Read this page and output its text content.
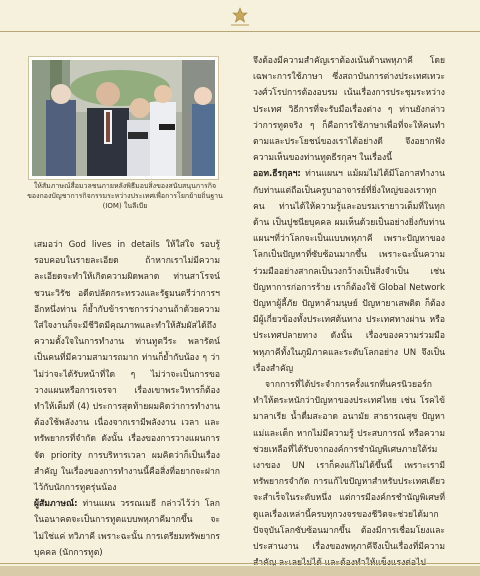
ให้สัมภาษณ์สื่อมวลชนภายหลังพิธีมอบสิ่งของสนับสนุนการกิจของกองบัญชาการกิจกรรมระหว่างประเทศเพื่อการโยกย้ายถิ่นฐาน (IOM) ในลีเบีย

เสมอว่า God lives in details ให้ใส่ใจ รอบรู้ รอบคอบในรายละเอียด ถ้าหากเราไม่มีความละเอียดจะทำให้เกิดความผิดพลาด ท่านสาโรจน์ ชวนะวิรัช อดีตปลัดกระทรวงและรัฐมนตรีว่าการฯ อีกหนึ่งท่าน ก็ย้ำกับข้าราชการว่างานถ้าด้วยความใส่ใจงานก็จะมีชีวิตมีคุณภาพและทำให้สัมผัสได้ถึงความตั้งใจในการทำงาน ท่านทูตวีระ พลารัตน์ เป็นคนที่มีความสามารถมาก ท่านก็ย้ำกับน้อง ๆ ว่า ไม่ว่าจะได้รับหน้าที่ใด ๆ ไม่ว่าจะเป็นการขอวางแผนหรือการเจรจา เรื่องเขาพระวิหารก็ต้องทำให้เต็มที่ (4) ประการสุดท้ายผมคิดว่าการทำงานต้องใช้พลังงาน เนื่องจากเรามีพลังงาน เวลา และทรัพยากรที่จำกัด ดังนั้น เรื่องของการวางแผนการจัด priority การบริหารเวลา ผมคิดว่าก็เป็นเรื่องสำคัญ ในเรื่องของการทำงานนี้คือสิ่งที่อยากจะฝากไว้กับนักการทูตรุ่นน้อง

ผู้สัมภาษณ์: ท่านแผน วรรณเมธี กล่าวไว้ว่า โลกในอนาคตจะเป็นการทูตแบบพหุภาคีมากขึ้น จะไม่ใช่แค่ ทวิภาคี เพราะฉะนั้น การเตรียมทรัพยากรบุคคล (นักการทูต)

จึงต้องมีความสำคัญเราต้องเน้นด้านพหุภาคี โดยเฉพาะการใช้ภาษา ซึ่งสถาบันการต่างประเทศเทวะวงศ์วโรปการต้องอบรม เน้นเรื่องการประชุมระหว่างประเทศ วิธีการที่จะรับมือเรื่องต่าง ๆ ท่านยังกล่าวว่าการทูตจริง ๆ ก็คือการใช้ภาษาเพื่อที่จะให้คนทำตามและประโยชน์ของเราได้อย่างดี จึงอยากฟังความเห็นของท่านทูตธีรกุลฯ ในเรื่องนี้

ออท.ธีรกุลฯ: ท่านแผนฯ แม้ผมไม่ได้มีโอกาสทำงานกับท่านแต่ถือเป็นครูบาอาจารย์ที่ยิ่งใหญ่ของเราทุกคน ท่านได้ให้ความรู้และอบรมเรายาวเต็มที่ในทุกด้าน เป็นปูชนียบุคคล ผมเห็นด้วยเป็นอย่างยิ่งกับท่านแผนฯที่ว่าโลกจะเป็นแบบพหุภาคี เพราะปัญหาของโลกเป็นปัญหาที่ซับซ้อนมากขึ้น เพราะฉะนั้นความร่วมมืออย่างสากลเป็นวงกว้างเป็นสิ่งจำเป็น เช่น ปัญหาการก่อการร้าย เราก็ต้องใช้ Global Network ปัญหาผู้ลี้ภัย ปัญหาค้ามนุษย์ ปัญหายาเสพติด ก็ต้องมีผู้เกี่ยวข้องทั้งประเทศต้นทาง ประเทศทางผ่าน หรือประเทศปลายทาง ดังนั้น เรื่องของความร่วมมือพหุภาคีทั้งในภูมิภาคและระดับโลกอย่าง UN จึงเป็นเรื่องสำคัญ

จากการที่ได้ประจำการครั้งแรกที่นครนิวยอร์กทำให้ตระหนักว่าปัญหาของประเทศไทย เช่น โรคไข้มาลาเรีย น้ำดื่มสะอาด อนามัย สาธารณสุข ปัญหาแม่และเด็ก หากไม่มีความรู้ ประสบการณ์ หรือความช่วยเหลือที่ได้รับจากองค์การชำนัญพิเศษภายใต้ร่มเงาของ UN เราก็คงแก้ไม่ได้ขึ้นนี้ เพราะเรามีทรัพยากรจำกัด การแก้ไขปัญหาสำหรับประเทศเดียว จะสำเร็จในระดับหนึ่ง แต่การมีองค์กรชำนัญพิเศษที่ดูแลเรื่องเหล่านี้ครบทุกวงจรของชีวิตจะช่วยได้มาก ปัจจุบันโลกซับซ้อนมากขึ้น ต้องมีการเชื่อมโยงและประสานงาน เรื่องของพหุภาคีจึงเป็นเรื่องที่มีความ
